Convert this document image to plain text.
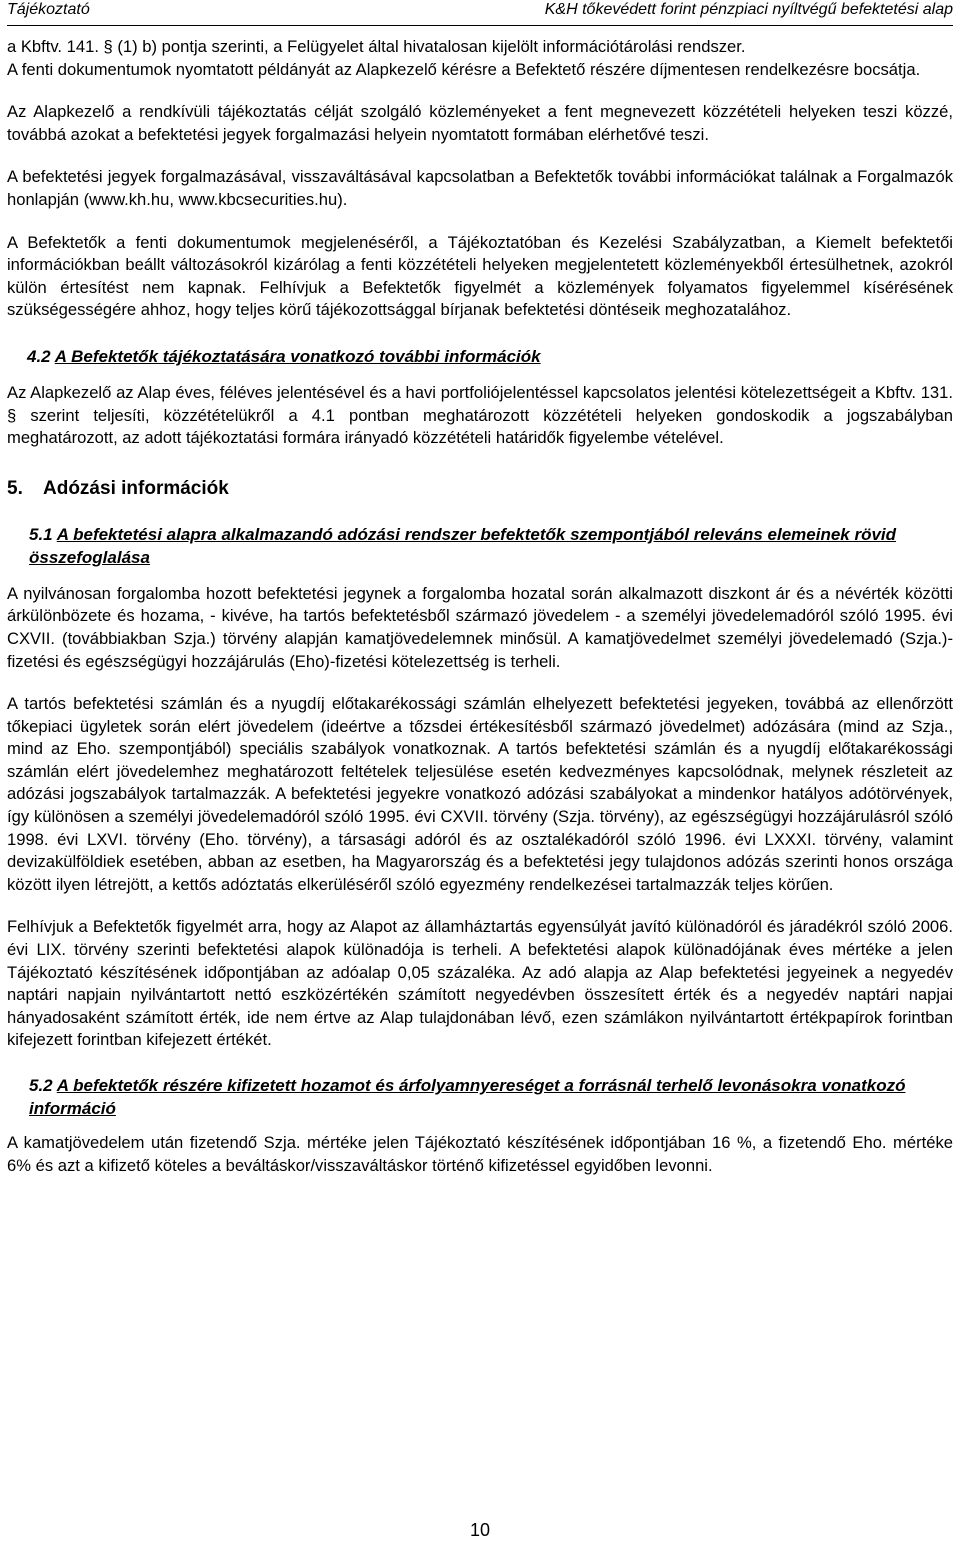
Tájékoztató	K&H tőkevédett forint pénzpiaci nyíltvégű befektetési alap

a Kbftv. 141. § (1) b) pontja szerinti, a Felügyelet által hivatalosan kijelölt információtárolási rendszer.

A fenti dokumentumok nyomtatott példányát az Alapkezelő kérésre a Befektető részére díjmentesen rendelkezésre bocsátja.

Az Alapkezelő a rendkívüli tájékoztatás célját szolgáló közleményeket a fent megnevezett közzétételi helyeken teszi közzé, továbbá azokat a befektetési jegyek forgalmazási helyein nyomtatott formában elérhetővé teszi.

A befektetési jegyek forgalmazásával, visszaváltásával kapcsolatban a Befektetők további információkat találnak a Forgalmazók honlapján (www.kh.hu, www.kbcsecurities.hu).

A Befektetők a fenti dokumentumok megjelenéséről, a Tájékoztatóban és Kezelési Szabályzatban, a Kiemelt befektetői információkban beállt változásokról kizárólag a fenti közzétételi helyeken megjelentetett közleményekből értesülhetnek, azokról külön értesítést nem kapnak. Felhívjuk a Befektetők figyelmét a közlemények folyamatos figyelemmel kísérésének szükségességére ahhoz, hogy teljes körű tájékozottsággal bírjanak befektetési döntéseik meghozatalához.

4.2 A Befektetők tájékoztatására vonatkozó további információk

Az Alapkezelő az Alap éves, féléves jelentésével és a havi portfoliójelentéssel kapcsolatos jelentési kötelezettségeit a Kbftv. 131. § szerint teljesíti, közzétételükről a 4.1 pontban meghatározott közzétételi helyeken gondoskodik a jogszabályban meghatározott, az adott tájékoztatási formára irányadó közzétételi határidők figyelembe vételével.

5. Adózási információk
5.1 A befektetési alapra alkalmazandó adózási rendszer befektetők szempontjából releváns elemeinek rövid összefoglalása

A nyilvánosan forgalomba hozott befektetési jegynek a forgalomba hozatal során alkalmazott diszkont ár és a névérték közötti árkülönbözete és hozama, - kivéve, ha tartós befektetésből származó jövedelem - a személyi jövedelemadóról szóló 1995. évi CXVII. (továbbiakban Szja.) törvény alapján kamatjövedelemnek minősül. A kamatjövedelmet személyi jövedelemadó (Szja.)-fizetési és egészségügyi hozzájárulás (Eho)-fizetési kötelezettség is terheli.

A tartós befektetési számlán és a nyugdíj előtakarékossági számlán elhelyezett befektetési jegyeken, továbbá az ellenőrzött tőkepiaci ügyletek során elért jövedelem (ideértve a tőzsdei értékesítésből származó jövedelmet) adózására (mind az Szja., mind az Eho. szempontjából) speciális szabályok vonatkoznak. A tartós befektetési számlán és a nyugdíj előtakarékossági számlán elért jövedelemhez meghatározott feltételek teljesülése esetén kedvezményes kapcsolódnak, melynek részleteit az adózási jogszabályok tartalmazzák. A befektetési jegyekre vonatkozó adózási szabályokat a mindenkor hatályos adótörvények, így különösen a személyi jövedelemadóról szóló 1995. évi CXVII. törvény (Szja. törvény), az egészségügyi hozzájárulásról szóló 1998. évi LXVI. törvény (Eho. törvény), a társasági adóról és az osztalékadóról szóló 1996. évi LXXXI. törvény, valamint devizakülföldiek esetében, abban az esetben, ha Magyarország és a befektetési jegy tulajdonos adózás szerinti honos országa között ilyen létrejött, a kettős adóztatás elkerüléséről szóló egyezmény rendelkezései tartalmazzák teljes körűen.

Felhívjuk a Befektetők figyelmét arra, hogy az Alapot az államháztartás egyensúlyát javító különadóról és járadékról szóló 2006. évi LIX. törvény szerinti befektetési alapok különadója is terheli. A befektetési alapok különadójának éves mértéke a jelen Tájékoztató készítésének időpontjában az adóalap 0,05 százaléka. Az adó alapja az Alap befektetési jegyeinek a negyedév naptári napjain nyilvántartott nettó eszközértékén számított negyedévben összesített érték és a negyedév naptári napjai hányadosaként számított érték, ide nem értve az Alap tulajdonában lévő, ezen számlákon nyilvántartott értékpapírok forintban kifejezett forintban kifejezett értékét.

5.2 A befektetők részére kifizetett hozamot és árfolyamnyereséget a forrásnál terhelő levonásokra vonatkozó információ

A kamatjövedelem után fizetendő Szja. mértéke jelen Tájékoztató készítésének időpontjában 16 %, a fizetendő Eho. mértéke 6% és azt a kifizető köteles a beváltáskor/visszaváltáskor történő kifizetéssel egyidőben levonni.

10
